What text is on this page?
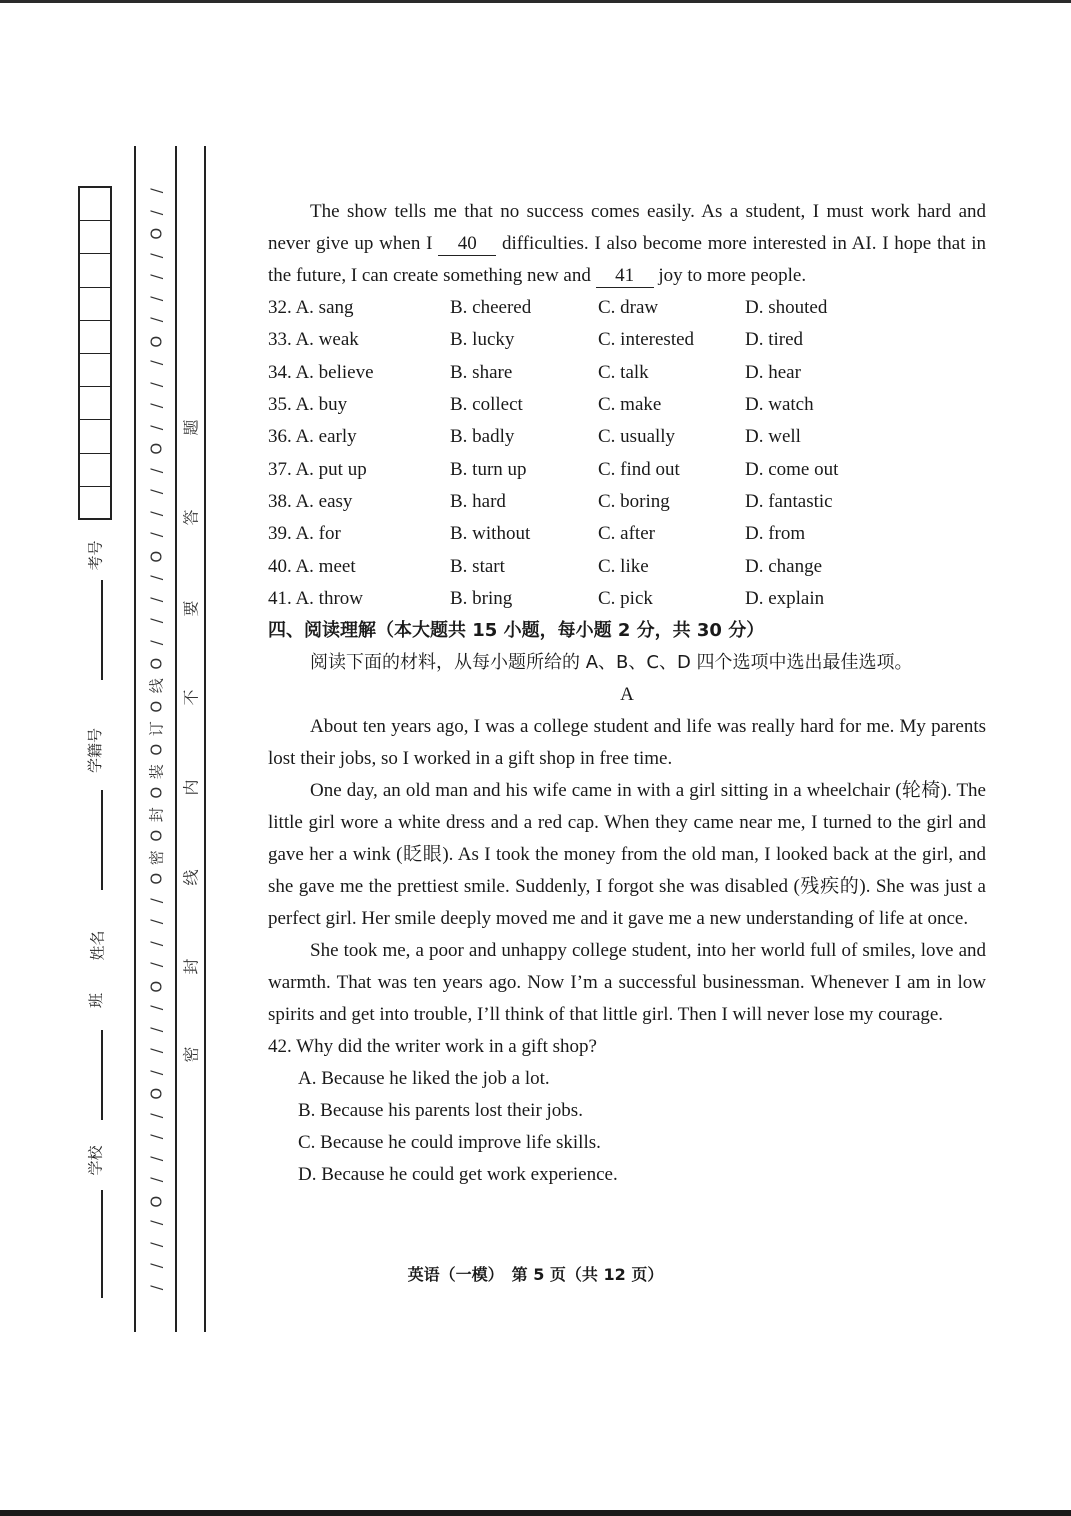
考号
学籍号
姓名
班
学校
/
/
O
/
/
/
/
O
/
/
/
/
O
/
/
/
/
O
/
/
/
/
O
线
O
订
O
装
O
封
O
密
O
/
/
/
/
O
/
/
/
/
O
/
/
/
/
O
/
/
/
/
题
答
要
不
内
线
封
密

The show tells me that no success comes easily. As a student, I must work hard and never give up when I 40 difficulties. I also become more interested in AI. I hope that in the future, I can create something new and 41 joy to more people.

32. A. sang	B. cheered	C. draw	D. shouted
33. A. weak	B. lucky	C. interested	D. tired
34. A. believe	B. share	C. talk	D. hear
35. A. buy	B. collect	C. make	D. watch
36. A. early	B. badly	C. usually	D. well
37. A. put up	B. turn up	C. find out	D. come out
38. A. easy	B. hard	C. boring	D. fantastic
39. A. for	B. without	C. after	D. from
40. A. meet	B. start	C. like	D. change
41. A. throw	B. bring	C. pick	D. explain
四、阅读理解（本大题共 15 小题，每小题 2 分，共 30 分）
阅读下面的材料，从每小题所给的 A、B、C、D 四个选项中选出最佳选项。
A

About ten years ago, I was a college student and life was really hard for me. My parents lost their jobs, so I worked in a gift shop in free time.

One day, an old man and his wife came in with a girl sitting in a wheelchair (轮椅). The little girl wore a white dress and a red cap. When they came near me, I turned to the girl and gave her a wink (眨眼). As I took the money from the old man, I looked back at the girl, and she gave me the prettiest smile. Suddenly, I forgot she was disabled (残疾的). She was just a perfect girl. Her smile deeply moved me and it gave me a new understanding of life at once.

She took me, a poor and unhappy college student, into her world full of smiles, love and warmth. That was ten years ago. Now I’m a successful businessman. Whenever I am in low spirits and get into trouble, I’ll think of that little girl. Then I will never lose my courage.

42. Why did the writer work in a gift shop?

A. Because he liked the job a lot.

B. Because his parents lost their jobs.

C. Because he could improve life skills.

D. Because he could get work experience.

英语（一模）　第 5 页（共 12 页）
